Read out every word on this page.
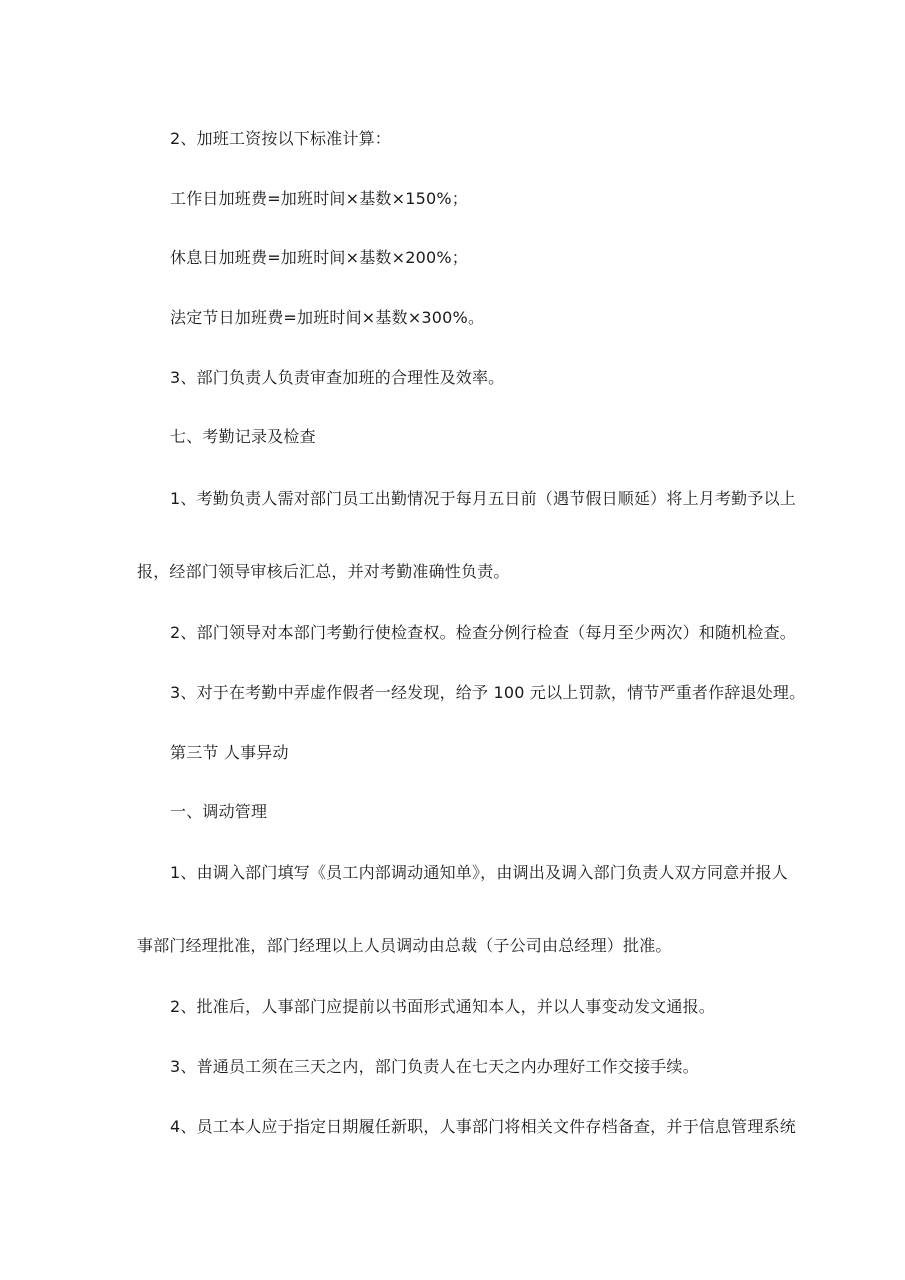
2、加班工资按以下标准计算：

工作日加班费=加班时间×基数×150%；

休息日加班费=加班时间×基数×200%；

法定节日加班费=加班时间×基数×300%。

3、部门负责人负责审查加班的合理性及效率。

七、考勤记录及检查

1、考勤负责人需对部门员工出勤情况于每月五日前（遇节假日顺延）将上月考勤予以上

报，经部门领导审核后汇总，并对考勤准确性负责。

2、部门领导对本部门考勤行使检查权。检查分例行检查（每月至少两次）和随机检查。

3、对于在考勤中弄虚作假者一经发现，给予 100 元以上罚款，情节严重者作辞退处理。

第三节 人事异动

一、调动管理

1、由调入部门填写《员工内部调动通知单》，由调出及调入部门负责人双方同意并报人

事部门经理批准，部门经理以上人员调动由总裁（子公司由总经理）批准。

2、批准后，人事部门应提前以书面形式通知本人，并以人事变动发文通报。

3、普通员工须在三天之内，部门负责人在七天之内办理好工作交接手续。

4、员工本人应于指定日期履任新职，人事部门将相关文件存档备查，并于信息管理系统
